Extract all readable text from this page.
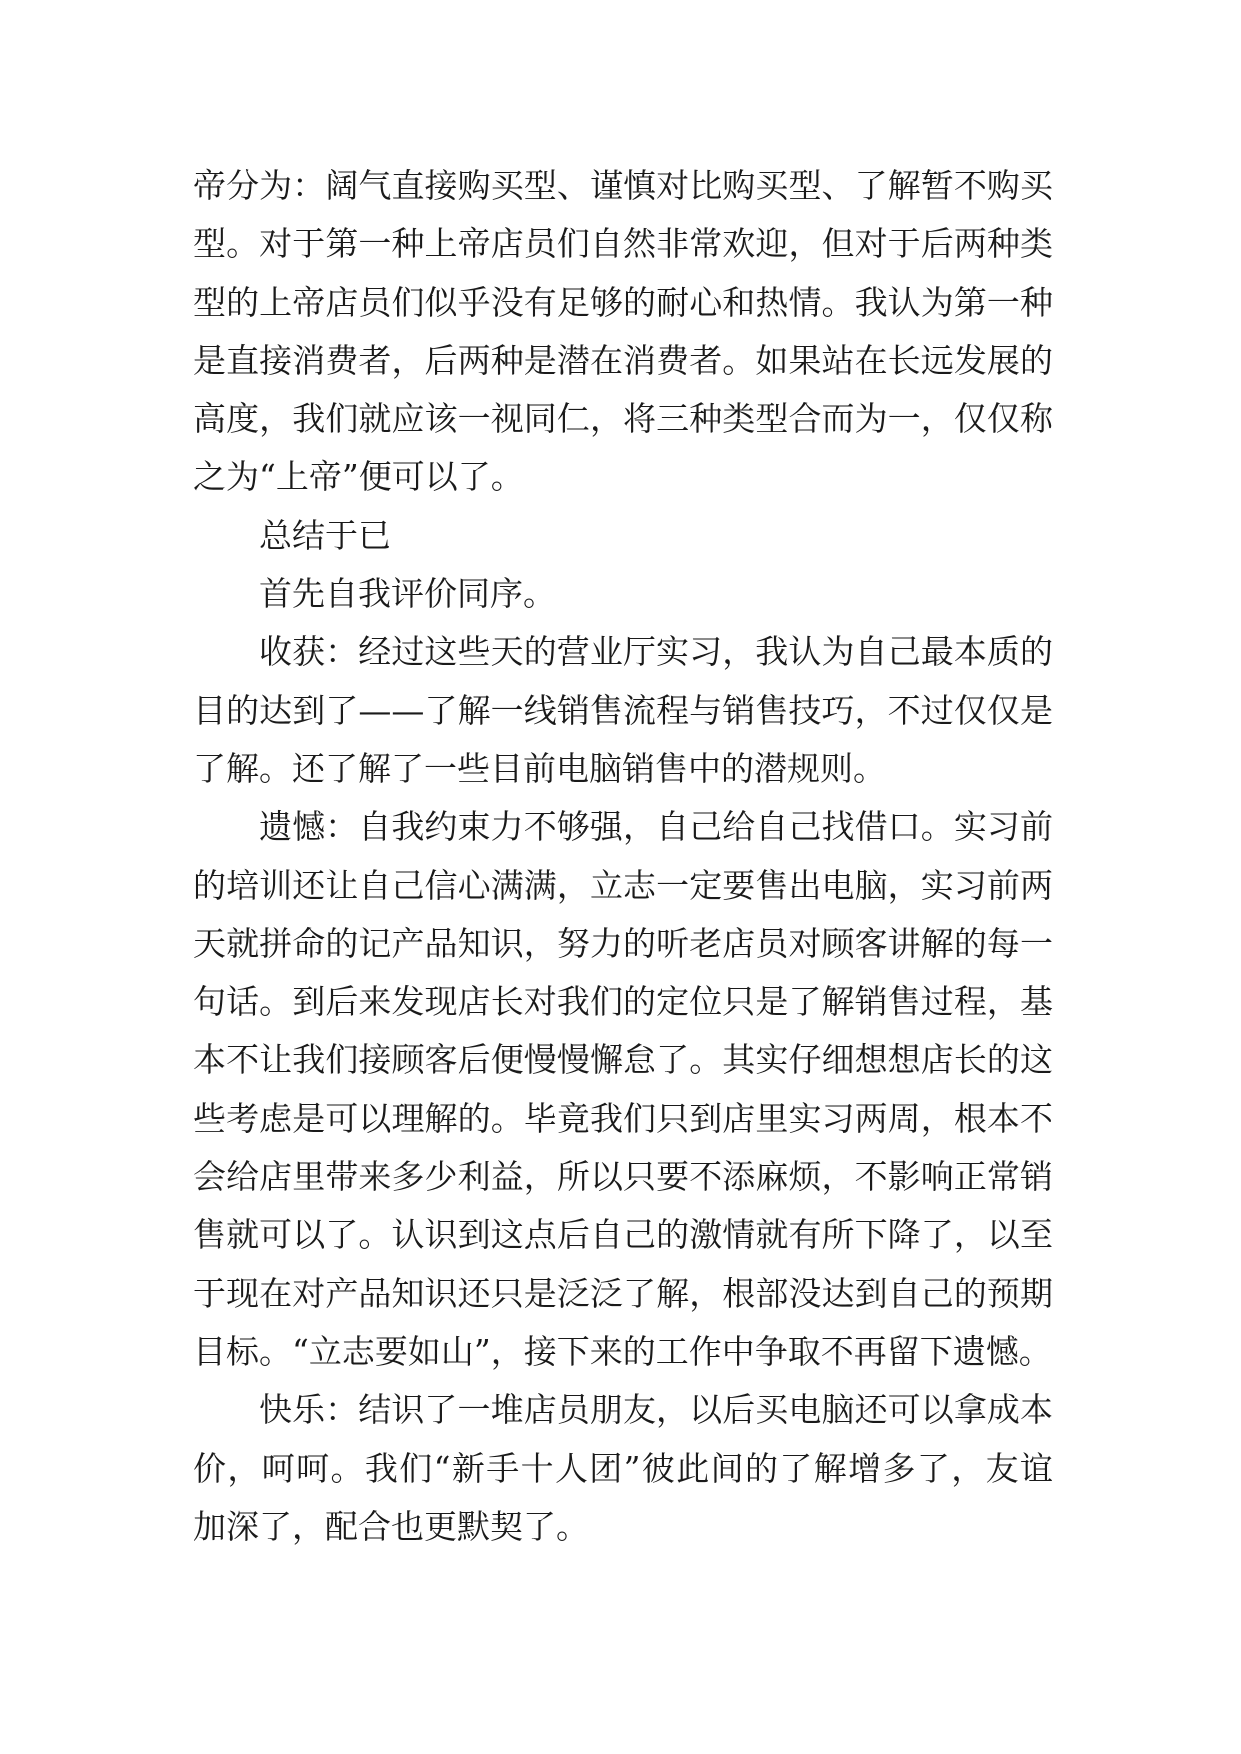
帝分为：阔气直接购买型、谨慎对比购买型、了解暂不购买
型。对于第一种上帝店员们自然非常欢迎，但对于后两种类
型的上帝店员们似乎没有足够的耐心和热情。我认为第一种
是直接消费者，后两种是潜在消费者。如果站在长远发展的
高度，我们就应该一视同仁，将三种类型合而为一，仅仅称
之为“上帝”便可以了。
总结于已
首先自我评价同序。
收获：经过这些天的营业厅实习，我认为自己最本质的
目的达到了——了解一线销售流程与销售技巧，不过仅仅是
了解。还了解了一些目前电脑销售中的潜规则。
遗憾：自我约束力不够强，自己给自己找借口。实习前
的培训还让自己信心满满，立志一定要售出电脑，实习前两
天就拼命的记产品知识，努力的听老店员对顾客讲解的每一
句话。到后来发现店长对我们的定位只是了解销售过程，基
本不让我们接顾客后便慢慢懈怠了。其实仔细想想店长的这
些考虑是可以理解的。毕竟我们只到店里实习两周，根本不
会给店里带来多少利益，所以只要不添麻烦，不影响正常销
售就可以了。认识到这点后自己的激情就有所下降了，以至
于现在对产品知识还只是泛泛了解，根部没达到自己的预期
目标。“立志要如山”，接下来的工作中争取不再留下遗憾。
快乐：结识了一堆店员朋友，以后买电脑还可以拿成本
价，呵呵。我们“新手十人团”彼此间的了解增多了，友谊
加深了，配合也更默契了。
